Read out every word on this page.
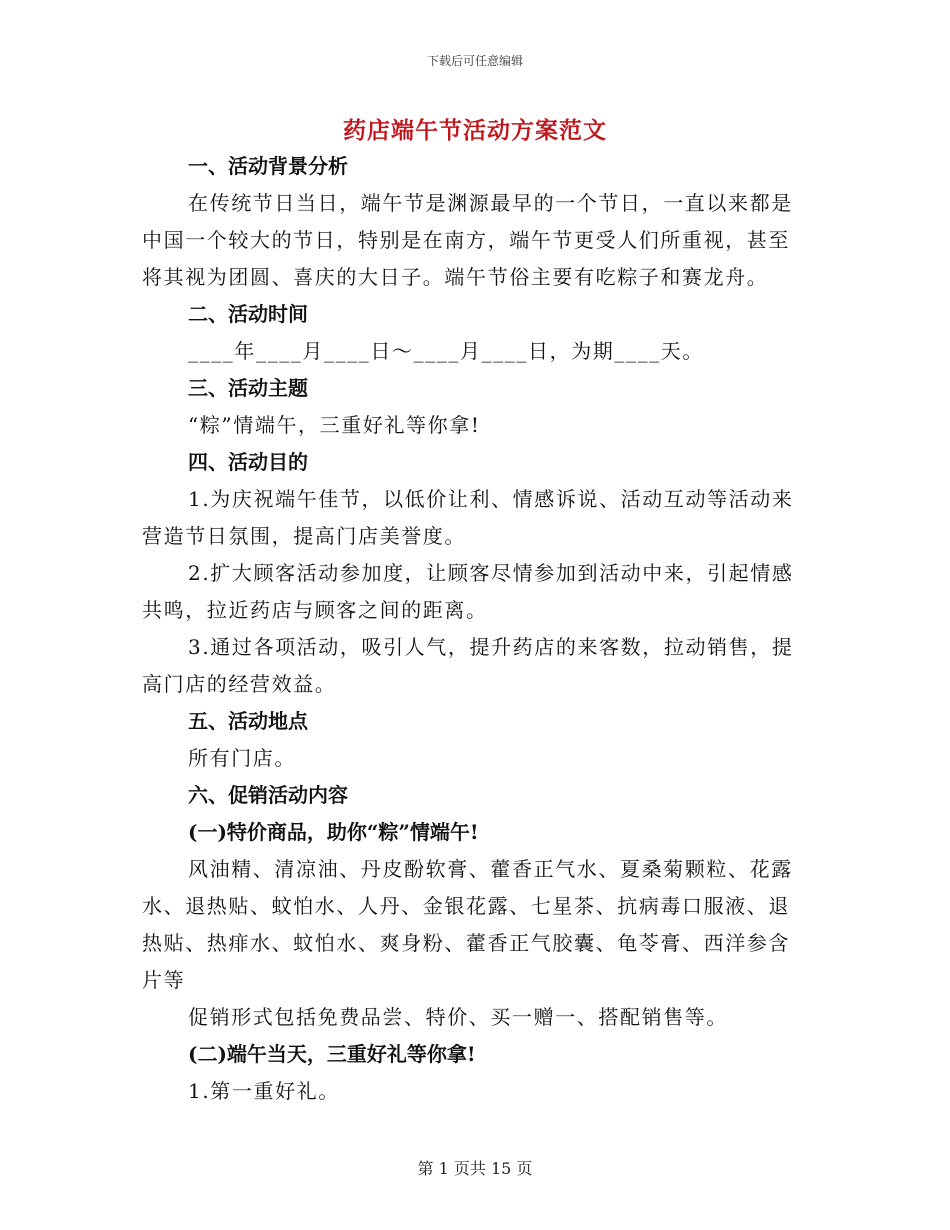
下载后可任意编辑
药店端午节活动方案范文

一、活动背景分析

在传统节日当日，端午节是渊源最早的一个节日，一直以来都是中国一个较大的节日，特别是在南方，端午节更受人们所重视，甚至将其视为团圆、喜庆的大日子。端午节俗主要有吃粽子和赛龙舟。

二、活动时间

____年____月____日～____月____日，为期____天。

三、活动主题

“粽”情端午，三重好礼等你拿!

四、活动目的

1.为庆祝端午佳节，以低价让利、情感诉说、活动互动等活动来营造节日氛围，提高门店美誉度。

2.扩大顾客活动参加度，让顾客尽情参加到活动中来，引起情感共鸣，拉近药店与顾客之间的距离。

3.通过各项活动，吸引人气，提升药店的来客数，拉动销售，提高门店的经营效益。

五、活动地点

所有门店。

六、促销活动内容

(一)特价商品，助你“粽”情端午!

风油精、清凉油、丹皮酚软膏、藿香正气水、夏桑菊颗粒、花露水、退热贴、蚊怕水、人丹、金银花露、七星茶、抗病毒口服液、退热贴、热痱水、蚊怕水、爽身粉、藿香正气胶囊、龟苓膏、西洋参含片等

促销形式包括免费品尝、特价、买一赠一、搭配销售等。

(二)端午当天，三重好礼等你拿!

1.第一重好礼。

第 1 页共 15 页
